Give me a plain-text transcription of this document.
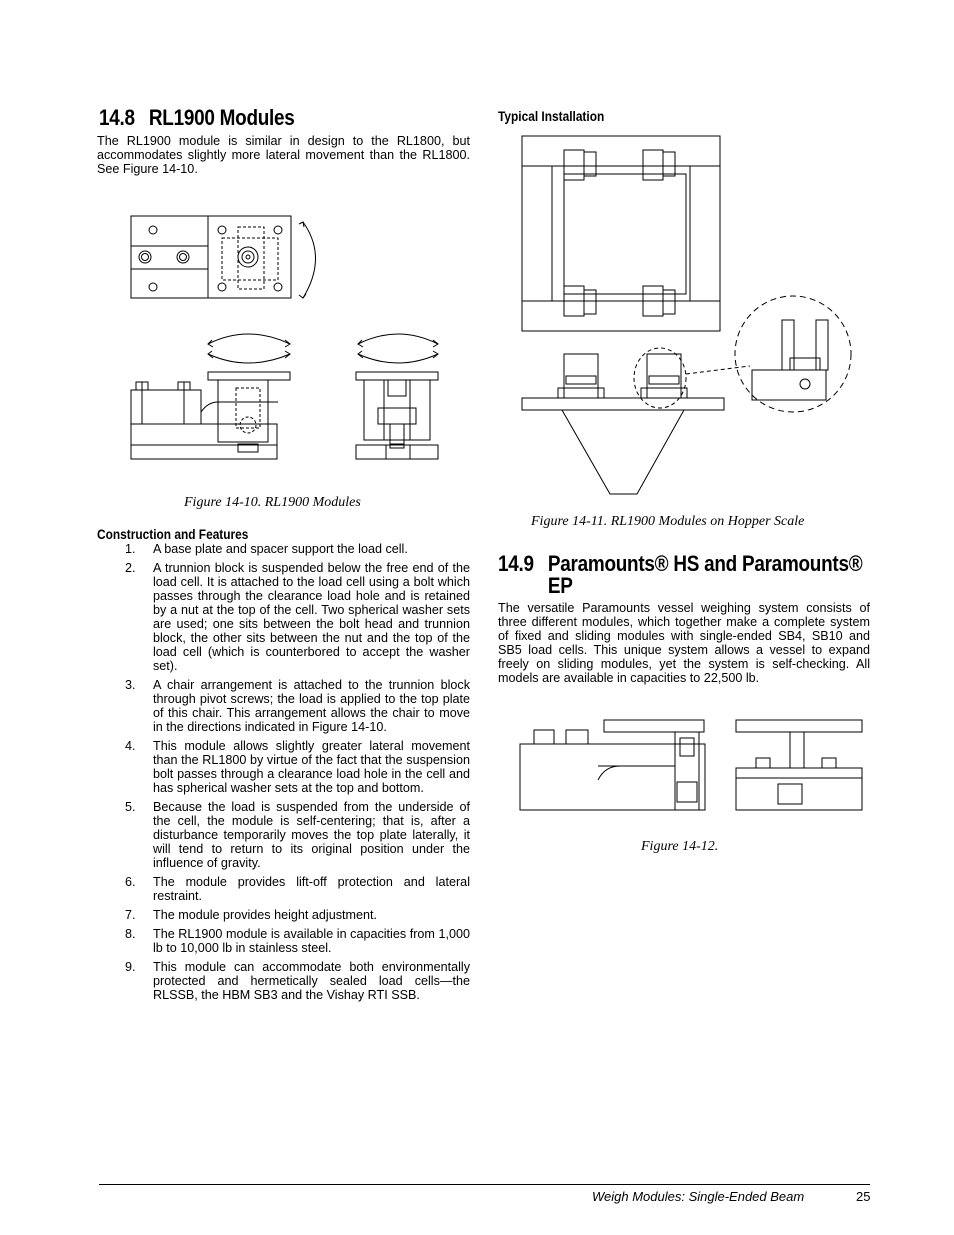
14.8 RL1900 Modules
The RL1900 module is similar in design to the RL1800, but accommodates slightly more lateral movement than the RL1800. See Figure 14-10.
Figure 14-10. RL1900 Modules
Construction and Features
1. A base plate and spacer support the load cell.
2. A trunnion block is suspended below the free end of the load cell. It is attached to the load cell using a bolt which passes through the clearance load hole and is retained by a nut at the top of the cell. Two spherical washer sets are used; one sits between the bolt head and trunnion block, the other sits between the nut and the top of the load cell (which is counterbored to accept the washer set).
3. A chair arrangement is attached to the trunnion block through pivot screws; the load is applied to the top plate of this chair. This arrangement allows the chair to move in the directions indicated in Figure 14-10.
4. This module allows slightly greater lateral movement than the RL1800 by virtue of the fact that the suspension bolt passes through a clearance load hole in the cell and has spherical washer sets at the top and bottom.
5. Because the load is suspended from the underside of the cell, the module is self-centering; that is, after a disturbance temporarily moves the top plate laterally, it will tend to return to its original position under the influence of gravity.
6. The module provides lift-off protection and lateral restraint.
7. The module provides height adjustment.
8. The RL1900 module is available in capacities from 1,000 lb to 10,000 lb in stainless steel.
9. This module can accommodate both environmentally protected and hermetically sealed load cells—the RLSSB, the HBM SB3 and the Vishay RTI SSB.
Typical Installation
Figure 14-11. RL1900 Modules on Hopper Scale
14.9 Paramounts® HS and Paramounts®
EP
The versatile Paramounts vessel weighing system consists of three different modules, which together make a complete system of fixed and sliding modules with single-ended SB4, SB10 and SB5 load cells. This unique system allows a vessel to expand freely on sliding modules, yet the system is self-checking. All models are available in capacities to 22,500 lb.
Figure 14-12.
Weigh Modules: Single-Ended Beam	25
